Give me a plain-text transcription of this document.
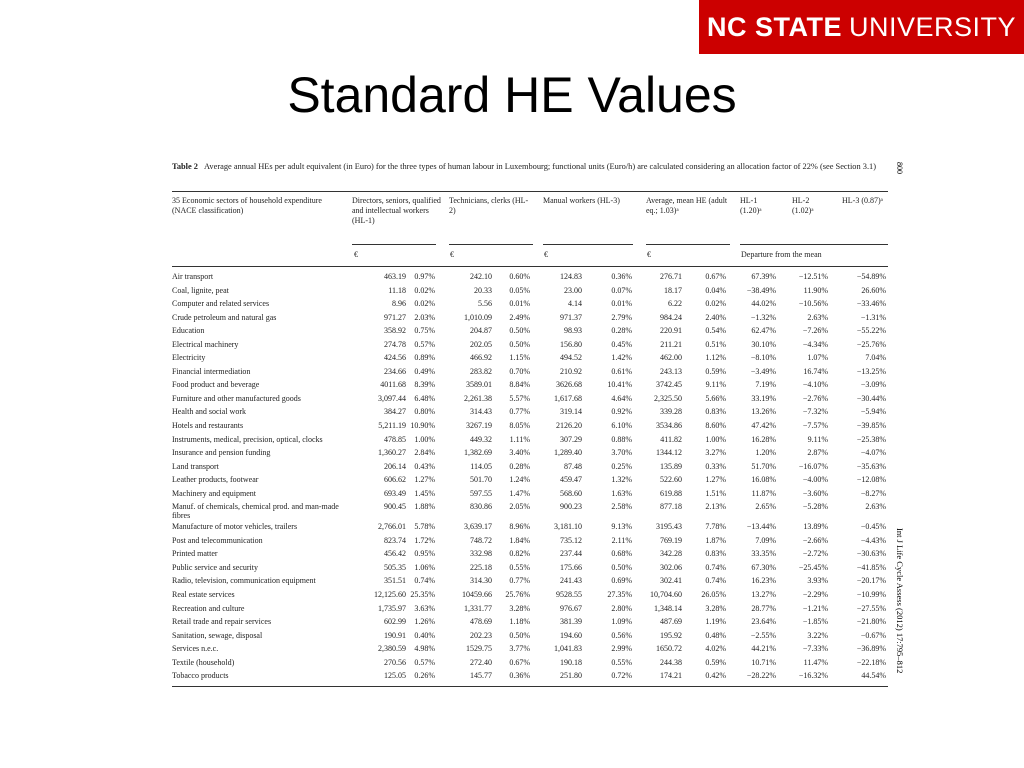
NC STATE UNIVERSITY
Standard HE Values
Table 2 Average annual HEs per adult equivalent (in Euro) for the three types of human labour in Luxembourg; functional units (Euro/h) are calculated considering an allocation factor of 22% (see Section 3.1)
35 Economic sectors of household expenditure (NACE classification)
Directors, seniors, qualified and intellectual workers (HL-1)
Technicians, clerks (HL-2)
Manual workers (HL-3)	Average, mean HE (adult eq.; 1.03)ᵃ
HL-1 (1.20)ᵃ
HL-2 (1.02)ᵃ
HL-3 (0.87)ᵃ
€	€	€	€	Departure from the mean
Air transport	463.19	0.97%	242.10	0.60%	124.83	0.36%	276.71	0.67%	67.39%	−12.51%	−54.89%
Coal, lignite, peat	11.18	0.02%	20.33	0.05%	23.00	0.07%	18.17	0.04%	−38.49%	11.90%	26.60%
Computer and related services	8.96	0.02%	5.56	0.01%	4.14	0.01%	6.22	0.02%	44.02%	−10.56%	−33.46%
Crude petroleum and natural gas	971.27	2.03%	1,010.09	2.49%	971.37	2.79%	984.24	2.40%	−1.32%	2.63%	−1.31%
Education	358.92	0.75%	204.87	0.50%	98.93	0.28%	220.91	0.54%	62.47%	−7.26%	−55.22%
Electrical machinery	274.78	0.57%	202.05	0.50%	156.80	0.45%	211.21	0.51%	30.10%	−4.34%	−25.76%
Electricity	424.56	0.89%	466.92	1.15%	494.52	1.42%	462.00	1.12%	−8.10%	1.07%	7.04%
Financial intermediation	234.66	0.49%	283.82	0.70%	210.92	0.61%	243.13	0.59%	−3.49%	16.74%	−13.25%
Food product and beverage	4011.68	8.39%	3589.01	8.84%	3626.68	10.41%	3742.45	9.11%	7.19%	−4.10%	−3.09%
Furniture and other manufactured goods	3,097.44	6.48%	2,261.38	5.57%	1,617.68	4.64%	2,325.50	5.66%	33.19%	−2.76%	−30.44%
Health and social work	384.27	0.80%	314.43	0.77%	319.14	0.92%	339.28	0.83%	13.26%	−7.32%	−5.94%
Hotels and restaurants	5,211.19 10.90%	3267.19	8.05%	2126.20	6.10%	3534.86	8.60%	47.42%	−7.57%	−39.85%
Instruments, medical, precision, optical, clocks	478.85	1.00%	449.32	1.11%	307.29	0.88%	411.82	1.00%	16.28%	9.11%	−25.38%
Insurance and pension funding	1,360.27	2.84%	1,382.69	3.40%	1,289.40	3.70%	1344.12	3.27%	1.20%	2.87%	−4.07%
Land transport	206.14	0.43%	114.05	0.28%	87.48	0.25%	135.89	0.33%	51.70%	−16.07%	−35.63%
Leather products, footwear	606.62	1.27%	501.70	1.24%	459.47	1.32%	522.60	1.27%	16.08%	−4.00%	−12.08%
Machinery and equipment	693.49	1.45%	597.55	1.47%	568.60	1.63%	619.88	1.51%	11.87%	−3.60%	−8.27%
Manuf. of chemicals, chemical prod. and man-made fibres
900.45	1.88%	830.86	2.05%	900.23	2.58%	877.18	2.13%	2.65%	−5.28%	2.63%
Manufacture of motor vehicles, trailers	2,766.01	5.78%	3,639.17	8.96%	3,181.10	9.13%	3195.43	7.78%	−13.44%	13.89%	−0.45%
Post and telecommunication	823.74	1.72%	748.72	1.84%	735.12	2.11%	769.19	1.87%	7.09%	−2.66%	−4.43%
Printed matter	456.42	0.95%	332.98	0.82%	237.44	0.68%	342.28	0.83%	33.35%	−2.72%	−30.63%
Public service and security	505.35	1.06%	225.18	0.55%	175.66	0.50%	302.06	0.74%	67.30%	−25.45%	−41.85%
Radio, television, communication equipment	351.51	0.74%	314.30	0.77%	241.43	0.69%	302.41	0.74%	16.23%	3.93%	−20.17%
Real estate services	12,125.60 25.35%	10459.66	25.76%	9528.55	27.35%	10,704.60	26.05%	13.27%	−2.29%	−10.99%
Recreation and culture	1,735.97	3.63%	1,331.77	3.28%	976.67	2.80%	1,348.14	3.28%	28.77%	−1.21%	−27.55%
Retail trade and repair services	602.99	1.26%	478.69	1.18%	381.39	1.09%	487.69	1.19%	23.64%	−1.85%	−21.80%
Sanitation, sewage, disposal	190.91	0.40%	202.23	0.50%	194.60	0.56%	195.92	0.48%	−2.55%	3.22%	−0.67%
Services n.e.c.	2,380.59	4.98%	1529.75	3.77%	1,041.83	2.99%	1650.72	4.02%	44.21%	−7.33%	−36.89%
Textile (household)	270.56	0.57%	272.40	0.67%	190.18	0.55%	244.38	0.59%	10.71%	11.47%	−22.18%
Tobacco products	125.05	0.26%	145.77	0.36%	251.80	0.72%	174.21	0.42%	−28.22%	−16.32%	44.54%
800
Int J Life Cycle Assess (2012) 17:795–812
